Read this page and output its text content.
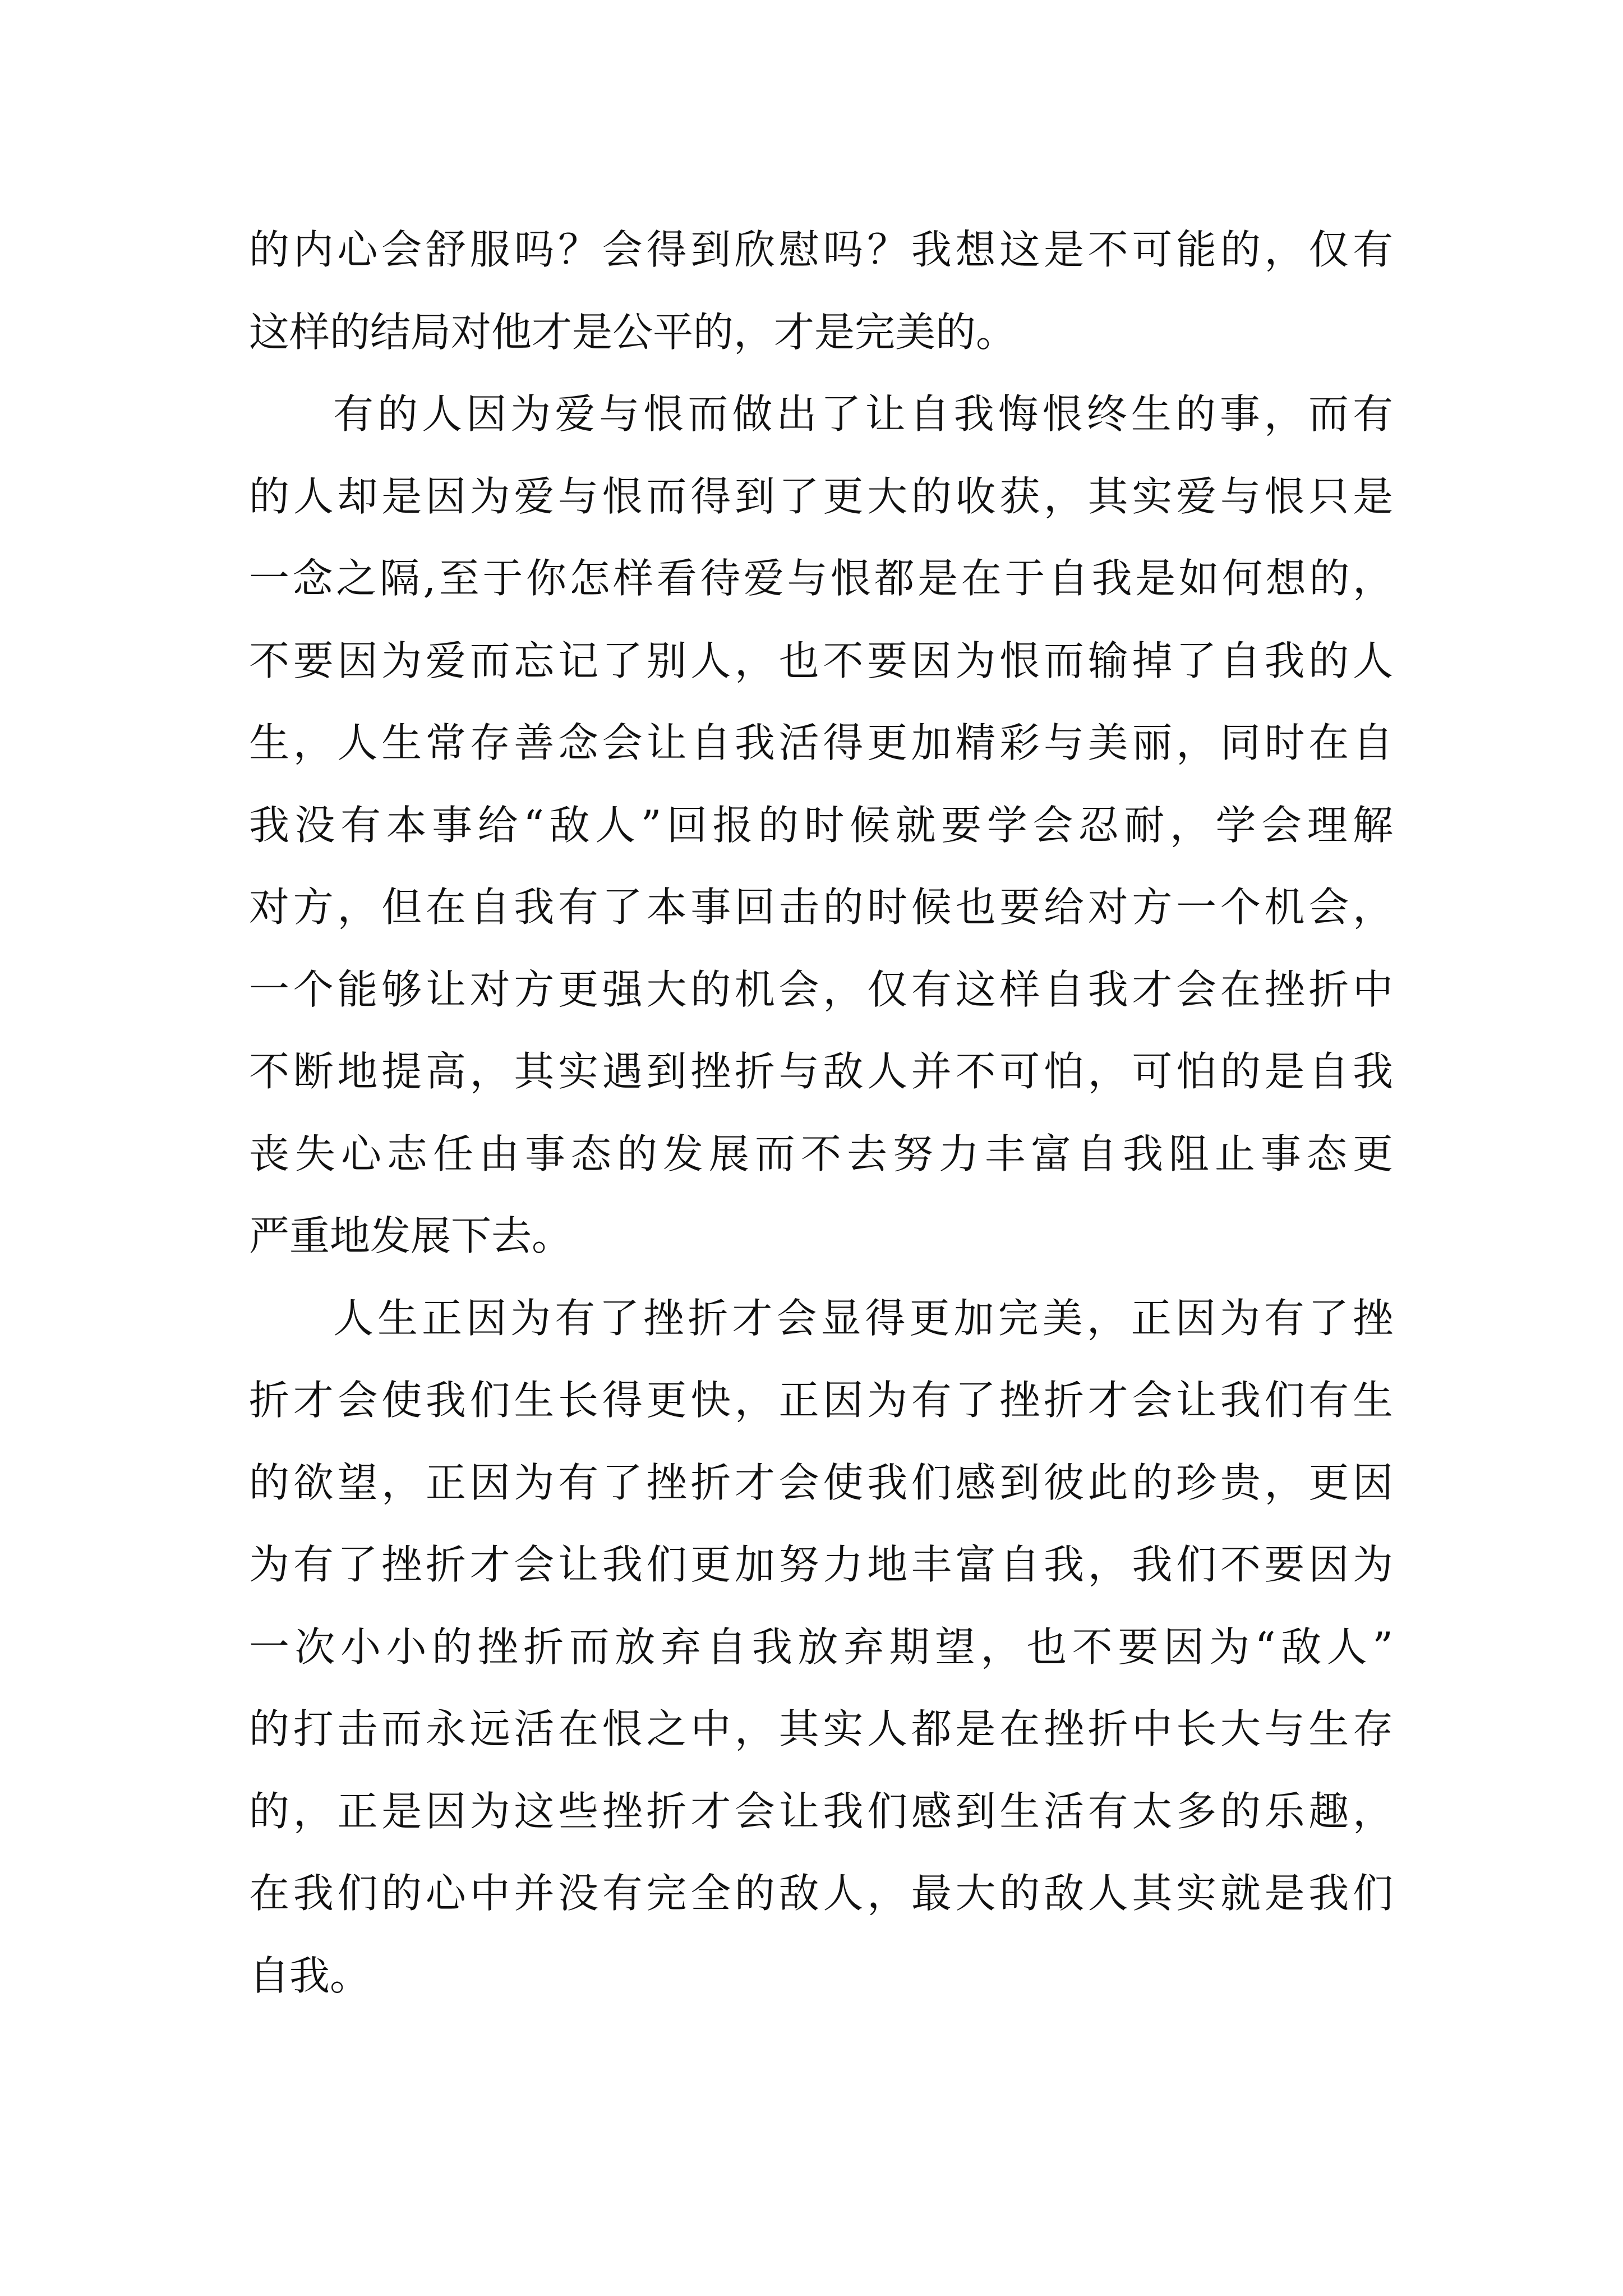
的内心会舒服吗？会得到欣慰吗？我想这是不可能的，仅有
这样的结局对他才是公平的，才是完美的。
有的人因为爱与恨而做出了让自我悔恨终生的事，而有
的人却是因为爱与恨而得到了更大的收获，其实爱与恨只是
一念之隔,至于你怎样看待爱与恨都是在于自我是如何想的，
不要因为爱而忘记了别人，也不要因为恨而输掉了自我的人
生，人生常存善念会让自我活得更加精彩与美丽，同时在自
我没有本事给“敌人”回报的时候就要学会忍耐，学会理解
对方，但在自我有了本事回击的时候也要给对方一个机会，
一个能够让对方更强大的机会，仅有这样自我才会在挫折中
不断地提高，其实遇到挫折与敌人并不可怕，可怕的是自我
丧失心志任由事态的发展而不去努力丰富自我阻止事态更
严重地发展下去。
人生正因为有了挫折才会显得更加完美，正因为有了挫
折才会使我们生长得更快，正因为有了挫折才会让我们有生
的欲望，正因为有了挫折才会使我们感到彼此的珍贵，更因
为有了挫折才会让我们更加努力地丰富自我，我们不要因为
一次小小的挫折而放弃自我放弃期望，也不要因为“敌人”
的打击而永远活在恨之中，其实人都是在挫折中长大与生存
的，正是因为这些挫折才会让我们感到生活有太多的乐趣，
在我们的心中并没有完全的敌人，最大的敌人其实就是我们
自我。
